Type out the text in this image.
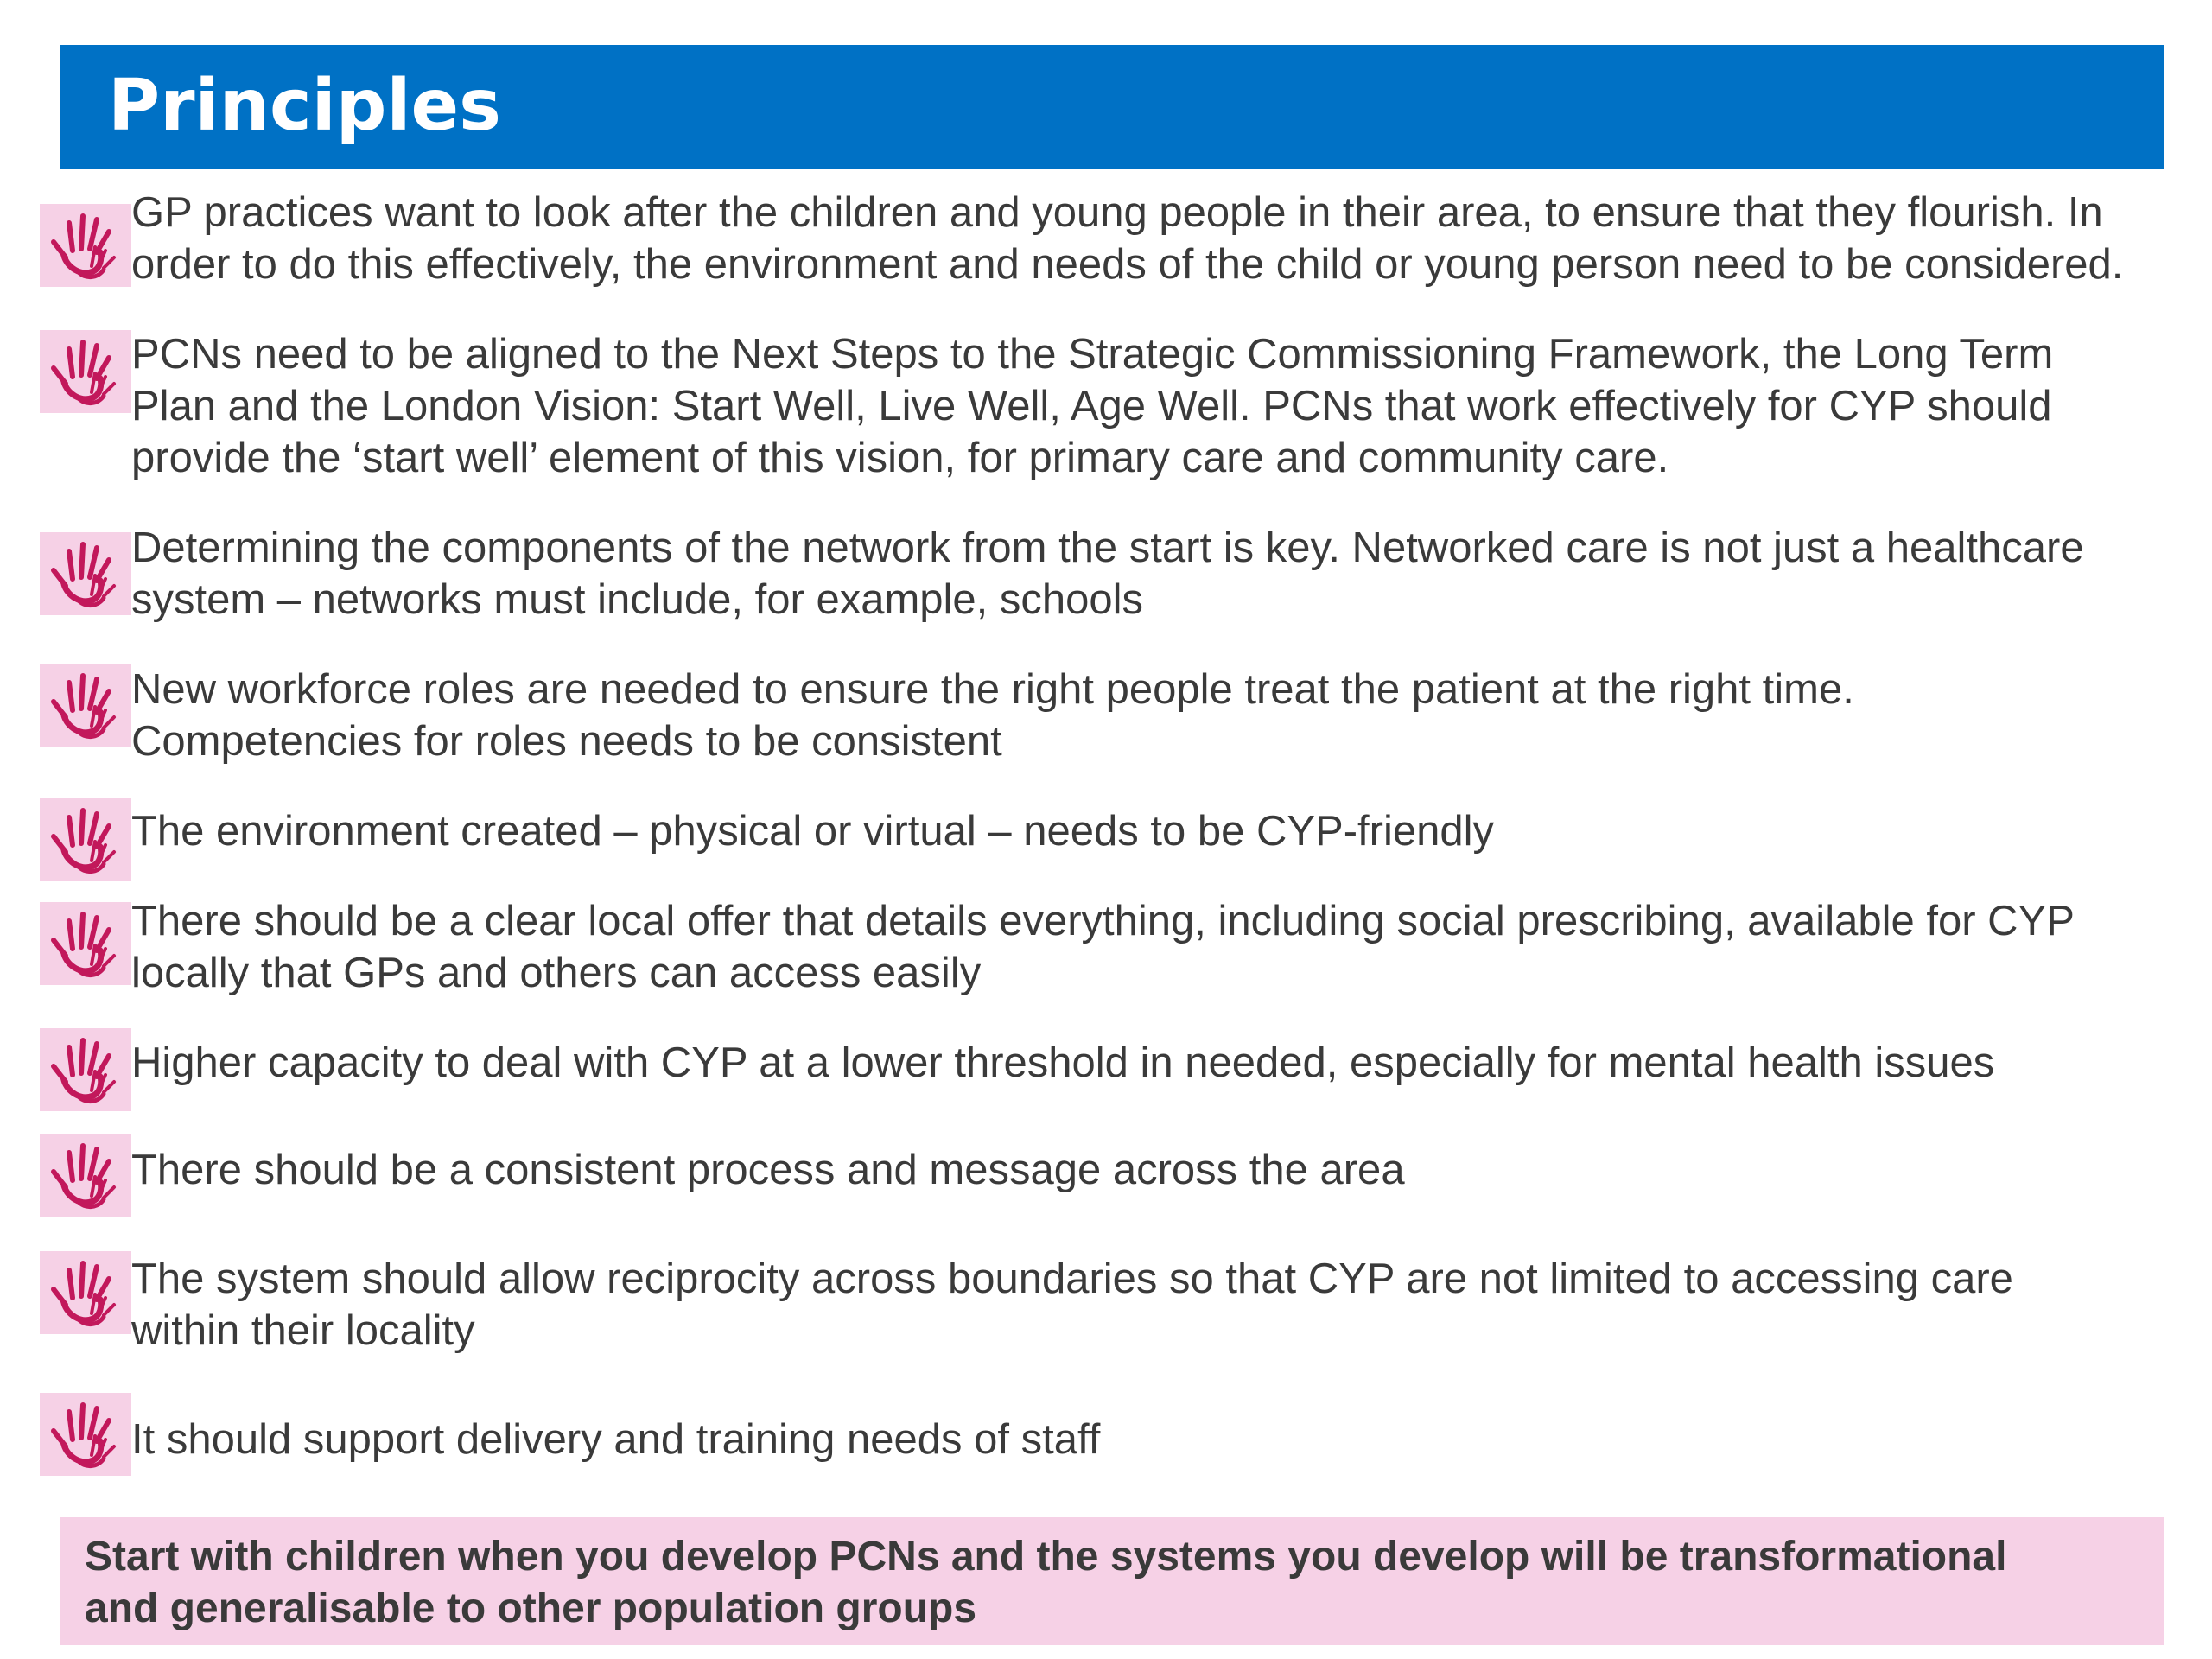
Principles
GP practices want to look after the children and young people in their area, to ensure that they flourish. In
order to do this effectively, the environment and needs of the child or young person need to be considered.
PCNs need to be aligned to the Next Steps to the Strategic Commissioning Framework, the Long Term
Plan and the London Vision: Start Well, Live Well, Age Well. PCNs that work effectively for CYP should
provide the ‘start well’ element of this vision, for primary care and community care.
Determining the components of the network from the start is key. Networked care is not just a healthcare
system – networks must include, for example, schools
New workforce roles are needed to ensure the right people treat the patient at the right time.
Competencies for roles needs to be consistent
The environment created – physical or virtual – needs to be CYP-friendly
There should be a clear local offer that details everything, including social prescribing, available for CYP
locally that GPs and others can access easily
Higher capacity to deal with CYP at a lower threshold in needed, especially for mental health issues
There should be a consistent process and message across the area
The system should allow reciprocity across boundaries so that CYP are not limited to accessing care
within their locality
It should support delivery and training needs of staff
Start with children when you develop PCNs and the systems you develop will be transformational
and generalisable to other population groups
